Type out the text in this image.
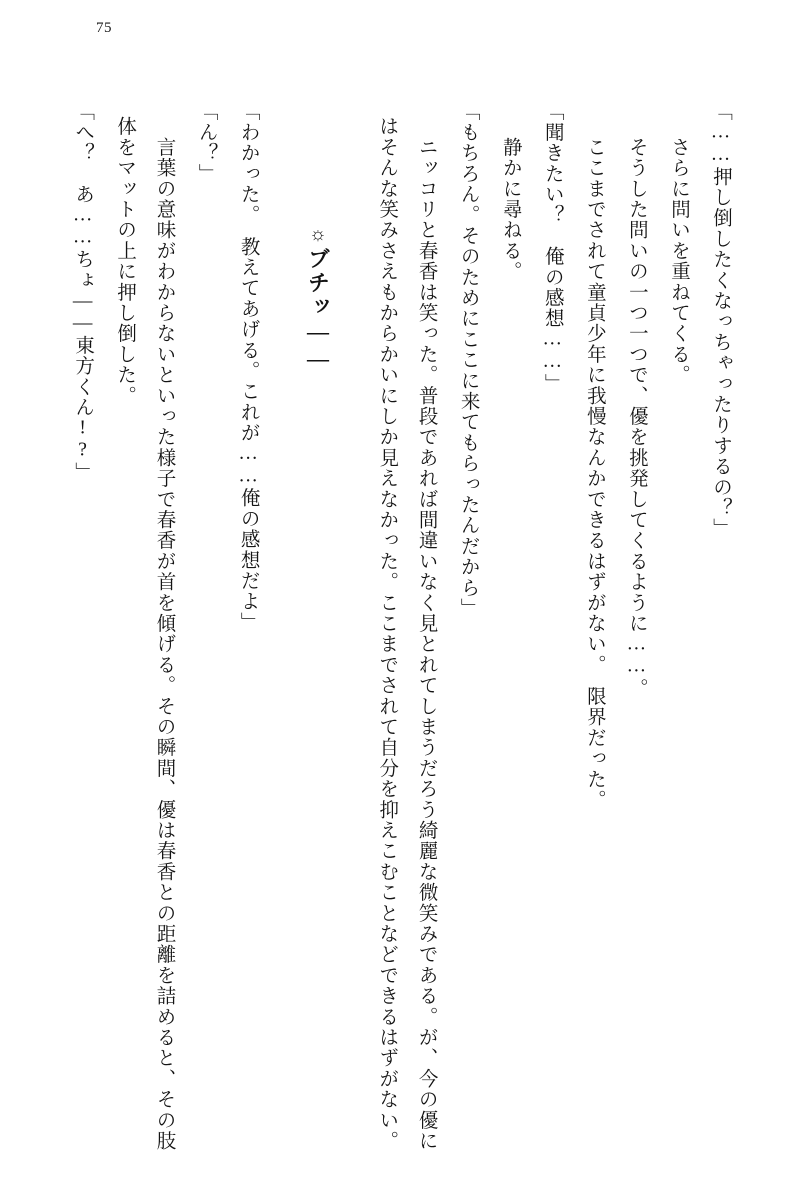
75

「……押し倒したくなっちゃったりするの？」

　さらに問いを重ねてくる。

　そうした問いの一つ一つで、優を挑発してくるように……。

　ここまでされて童貞少年に我慢なんかできるはずがない。　限界だった。

「聞きたい？　俺の感想……」

　静かに尋ねる。

「もちろん。そのためにここに来てもらったんだから」

　ニッコリと春香は笑った。普段であれば間違いなく見とれてしまうだろう綺麗な微笑みである。が、今の優にはそんな笑みさえもからかいにしか見えなかった。ここまでされて自分を抑えこむことなどできるはずがない。

☼ブチッ――

「わかった。　教えてあげる。これが……俺の感想だよ」

「ん？」

　言葉の意味がわからないといった様子で春香が首を傾げる。その瞬間、優は春香との距離を詰めると、その肢体をマットの上に押し倒した。

「へ？　あ……ちょ――東方くん!?」
